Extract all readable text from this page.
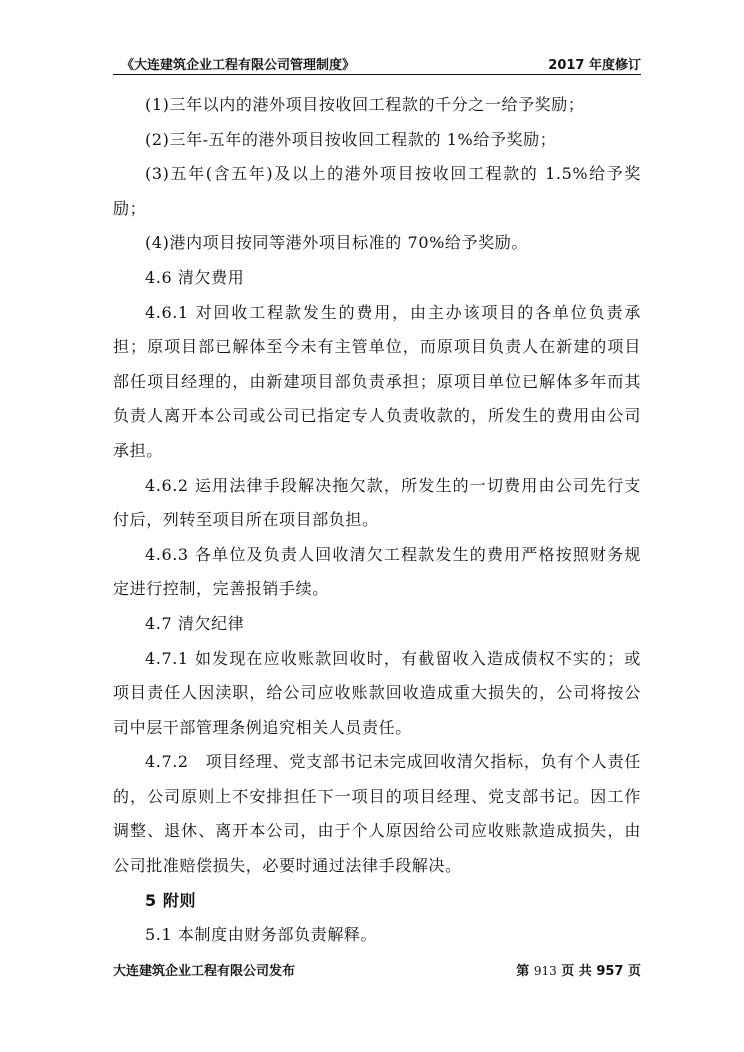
《大连建筑企业工程有限公司管理制度》	2017 年度修订

(1)三年以内的港外项目按收回工程款的千分之一给予奖励；

(2)三年-五年的港外项目按收回工程款的 1%给予奖励；

(3)五年(含五年)及以上的港外项目按收回工程款的 1.5%给予奖励；

(4)港内项目按同等港外项目标准的 70%给予奖励。

4.6 清欠费用

4.6.1 对回收工程款发生的费用，由主办该项目的各单位负责承担；原项目部已解体至今未有主管单位，而原项目负责人在新建的项目部任项目经理的，由新建项目部负责承担；原项目单位已解体多年而其负责人离开本公司或公司已指定专人负责收款的，所发生的费用由公司承担。

4.6.2 运用法律手段解决拖欠款，所发生的一切费用由公司先行支付后，列转至项目所在项目部负担。

4.6.3 各单位及负责人回收清欠工程款发生的费用严格按照财务规定进行控制，完善报销手续。

4.7 清欠纪律

4.7.1 如发现在应收账款回收时，有截留收入造成债权不实的；或项目责任人因渎职，给公司应收账款回收造成重大损失的，公司将按公司中层干部管理条例追究相关人员责任。

4.7.2　项目经理、党支部书记未完成回收清欠指标，负有个人责任的，公司原则上不安排担任下一项目的项目经理、党支部书记。因工作调整、退休、离开本公司，由于个人原因给公司应收账款造成损失，由公司批准赔偿损失，必要时通过法律手段解决。

5 附则

5.1 本制度由财务部负责解释。

大连建筑企业工程有限公司发布	第 913 页 共 957 页
